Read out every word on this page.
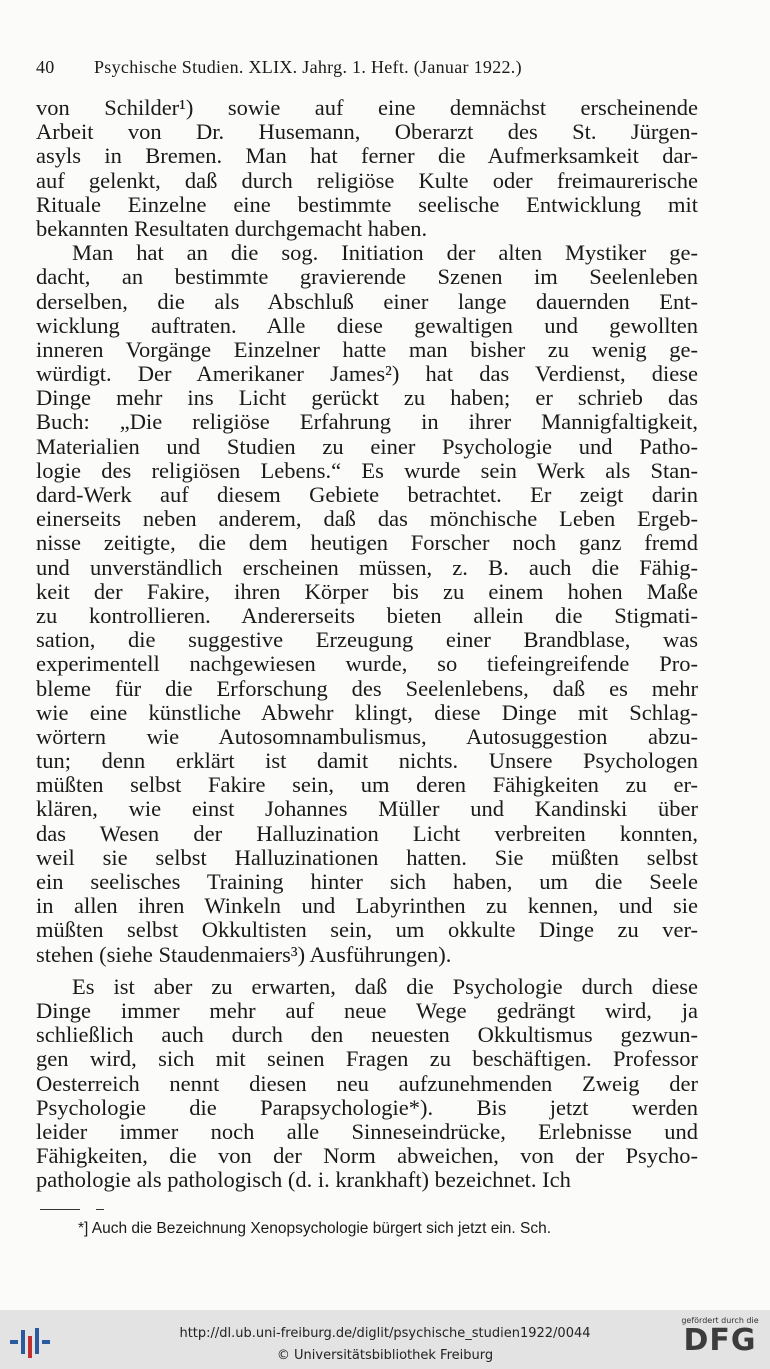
40 Psychische Studien. XLIX. Jahrg. 1. Heft. (Januar 1922.)
von Schilder¹) sowie auf eine demnächst erscheinende
Arbeit von Dr. Husemann, Oberarzt des St. Jürgen-
asyls in Bremen. Man hat ferner die Aufmerksamkeit dar-
auf gelenkt, daß durch religiöse Kulte oder freimaurerische
Rituale Einzelne eine bestimmte seelische Entwicklung mit
bekannten Resultaten durchgemacht haben.
Man hat an die sog. Initiation der alten Mystiker ge-
dacht, an bestimmte gravierende Szenen im Seelenleben
derselben, die als Abschluß einer lange dauernden Ent-
wicklung auftraten. Alle diese gewaltigen und gewollten
inneren Vorgänge Einzelner hatte man bisher zu wenig ge-
würdigt. Der Amerikaner James²) hat das Verdienst, diese
Dinge mehr ins Licht gerückt zu haben; er schrieb das
Buch: „Die religiöse Erfahrung in ihrer Mannigfaltigkeit,
Materialien und Studien zu einer Psychologie und Patho-
logie des religiösen Lebens.“ Es wurde sein Werk als Stan-
dard-Werk auf diesem Gebiete betrachtet. Er zeigt darin
einerseits neben anderem, daß das mönchische Leben Ergeb-
nisse zeitigte, die dem heutigen Forscher noch ganz fremd
und unverständlich erscheinen müssen, z. B. auch die Fähig-
keit der Fakire, ihren Körper bis zu einem hohen Maße
zu kontrollieren. Andererseits bieten allein die Stigmati-
sation, die suggestive Erzeugung einer Brandblase, was
experimentell nachgewiesen wurde, so tiefeingreifende Pro-
bleme für die Erforschung des Seelenlebens, daß es mehr
wie eine künstliche Abwehr klingt, diese Dinge mit Schlag-
wörtern wie Autosomnambulismus, Autosuggestion abzu-
tun; denn erklärt ist damit nichts. Unsere Psychologen
müßten selbst Fakire sein, um deren Fähigkeiten zu er-
klären, wie einst Johannes Müller und Kandinski über
das Wesen der Halluzination Licht verbreiten konnten,
weil sie selbst Halluzinationen hatten. Sie müßten selbst
ein seelisches Training hinter sich haben, um die Seele
in allen ihren Winkeln und Labyrinthen zu kennen, und sie
müßten selbst Okkultisten sein, um okkulte Dinge zu ver-
stehen (siehe Staudenmaiers³) Ausführungen).
Es ist aber zu erwarten, daß die Psychologie durch diese
Dinge immer mehr auf neue Wege gedrängt wird, ja
schließlich auch durch den neuesten Okkultismus gezwun-
gen wird, sich mit seinen Fragen zu beschäftigen. Professor
Oesterreich nennt diesen neu aufzunehmenden Zweig der
Psychologie die Parapsychologie*). Bis jetzt werden
leider immer noch alle Sinneseindrücke, Erlebnisse und
Fähigkeiten, die von der Norm abweichen, von der Psycho-
pathologie als pathologisch (d. i. krankhaft) bezeichnet. Ich
*] Auch die Bezeichnung Xenopsychologie bürgert sich jetzt ein. Sch.
http://dl.ub.uni-freiburg.de/diglit/psychische_studien1922/0044
© Universitätsbibliothek Freiburg
gefördert durch die
DFG
